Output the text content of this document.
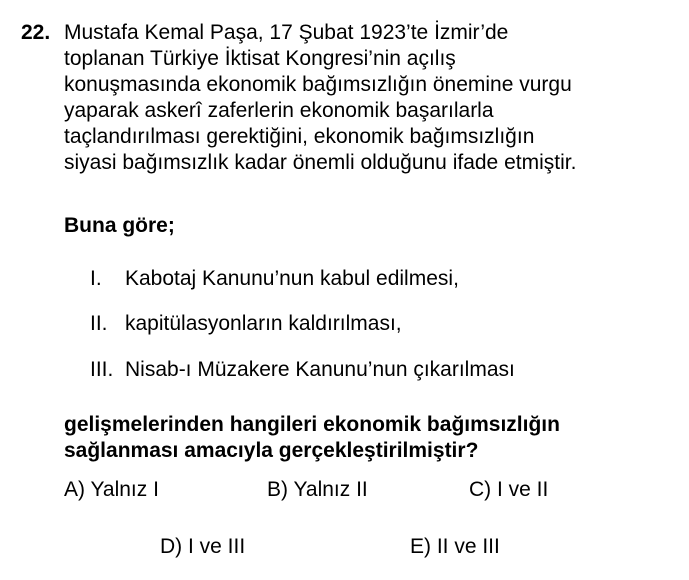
22. Mustafa Kemal Paşa, 17 Şubat 1923’te İzmir’de
toplanan Türkiye İktisat Kongresi’nin açılış
konuşmasında ekonomik bağımsızlığın önemine vurgu
yaparak askerî zaferlerin ekonomik başarılarla
taçlandırılması gerektiğini, ekonomik bağımsızlığın
siyasi bağımsızlık kadar önemli olduğunu ifade etmiştir.
Buna göre;
I. Kabotaj Kanunu’nun kabul edilmesi,
II. kapitülasyonların kaldırılması,
III. Nisab-ı Müzakere Kanunu’nun çıkarılması
gelişmelerinden hangileri ekonomik bağımsızlığın
sağlanması amacıyla gerçekleştirilmiştir?
A) Yalnız I	B) Yalnız II	C) I ve II
D) I ve III	E) II ve III
